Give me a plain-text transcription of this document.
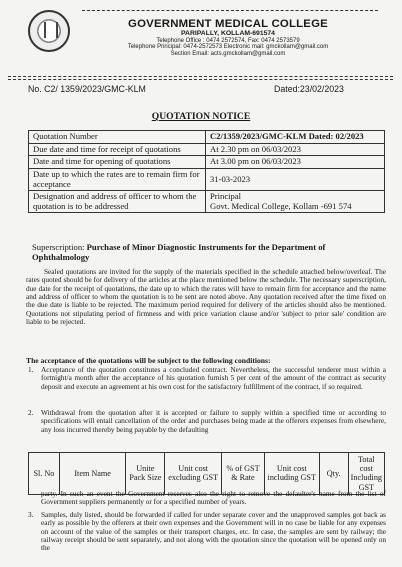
GOVERNMENT MEDICAL COLLEGE
PARIPALLY, KOLLAM-691574
Telephone Office : 0474 2572574, Fax: 0474 2573579
Telephone Principal: 0474-2572573 Electronic mail: gmckollam@gmail.com
Section Email: acts.gmckollam@gmail.com
No. C2/ 1359/2023/GMC-KLM	Dated:23/02/2023
QUOTATION NOTICE
Quotation Number	C2/1359/2023/GMC-KLM Dated: 02/2023
Due date and time for receipt of quotations	At 2.30 pm on 06/03/2023
Date and time for opening of quotations	At 3.00 pm on 06/03/2023
Date up to which the rates are to remain firm for acceptance	31-03-2023
Designation and address of officer to whom the quotation is to be addressed	Principal
Govt. Medical College, Kollam -691 574
Superscription: Purchase of Minor Diagnostic Instruments for the Department of Ophthalmology
Sealed quotations are invited for the supply of the materials specified in the schedule attached below/overleaf. The rates quoted should be for delivery of the articles at the place mentioned below the schedule. The necessary superscription, due date for the receipt of quotations, the date up to which the rates will have to remain firm for acceptance and the name and address of officer to whom the quotation is to be sent are noted above. Any quotation received after the time fixed on the due date is liable to be rejected. The maximum period required for delivery of the articles should also be mentioned. Quotations not stipulating period of firmness and with price variation clause and/or 'subject to prior sale' condition are liable to be rejected.
The acceptance of the quotations will be subject to the following conditions:
1.	Acceptance of the quotation constitutes a concluded contract. Nevertheless, the successful tenderer must within a fortnight/a month after the acceptance of his quotation furnish 5 per cent of the amount of the contract as security deposit and execute an agreement at his own cost for the satisfactory fulfillment of the contract, if so required.
2.	Withdrawal from the quotation after it is accepted or failure to supply within a specified time or according to specifications will entail cancellation of the order and purchases being made at the offerers expenses from elsewhere, any loss incurred thereby being payable by the defaulting
Sl. No	Item Name	Unite Pack Size	Unit cost excluding GST	% of GST & Rate	Unit cost including GST	Qty.	Total cost Including GST
party. In such an event the Government reserves also the right to remove the defaulter's name from the list of Government suppliers permanently or for a specified number of years.
3.	Samples, duly listed, should be forwarded if called for under separate cover and the unapproved samples got back as early as possible by the offerers at their own expenses and the Government will in no case be liable for any expenses on account of the value of the samples or their transport charges, etc. In case, the samples are sent by railway; the railway receipt should be sent separately, and not along with the quotation since the quotation will be opened only on the
